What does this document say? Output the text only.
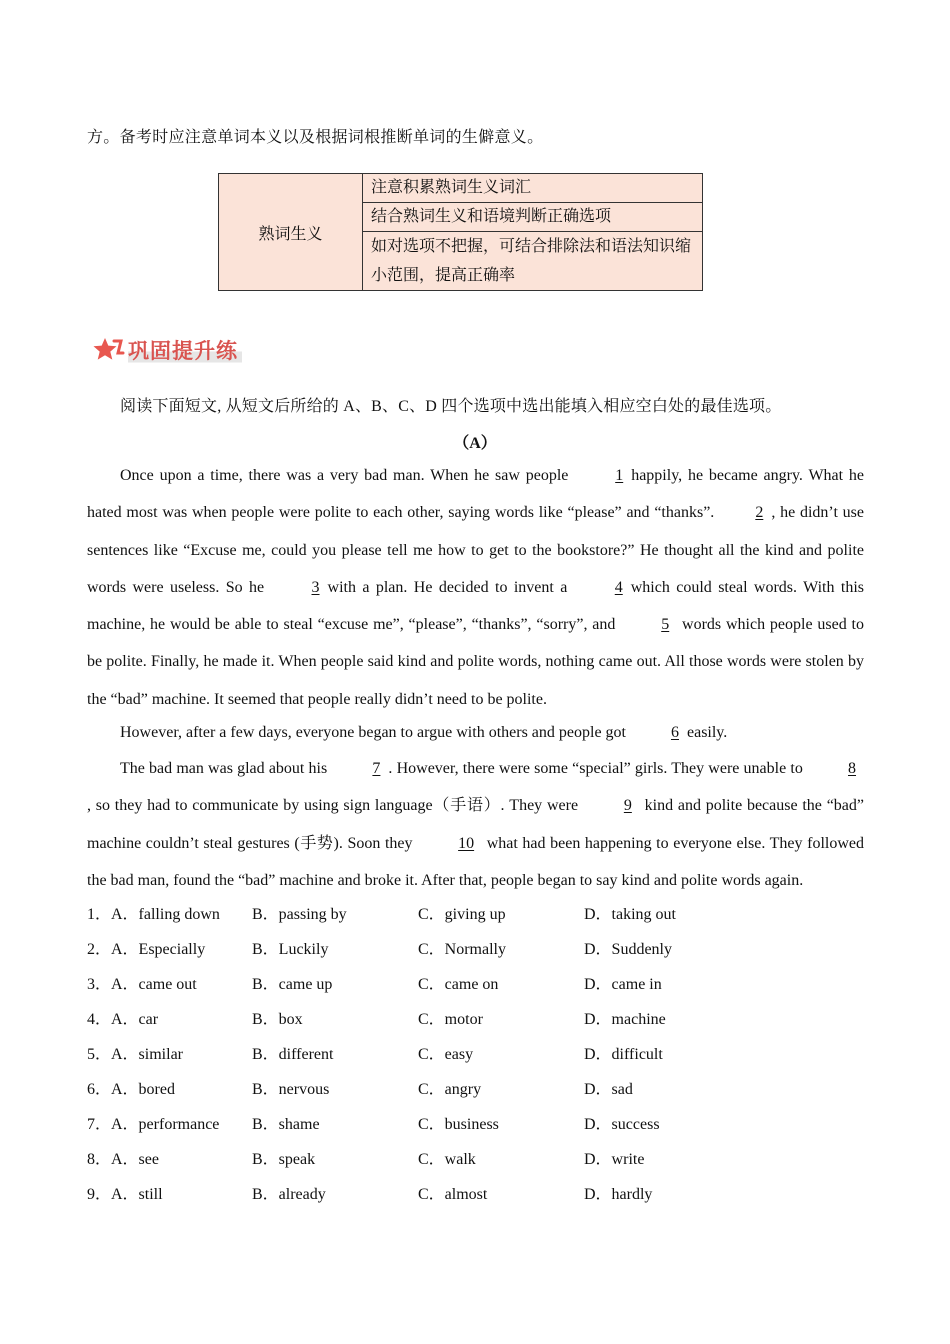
方。备考时应注意单词本义以及根据词根推断单词的生僻意义。
熟词生义	注意积累熟词生义词汇
结合熟词生义和语境判断正确选项
如对选项不把握，可结合排除法和语法知识缩小范围，提高正确率
巩固提升练
阅读下面短文, 从短文后所给的 A、B、C、D 四个选项中选出能填入相应空白处的最佳选项。
（A）

Once upon a time, there was a very bad man. When he saw people	1 happily, he became angry. What he hated most was when people were polite to each other, saying words like “please” and “thanks”.	2 , he didn’t use sentences like “Excuse me, could you please tell me how to get to the bookstore?” He thought all the kind and polite words were useless. So he	3 with a plan. He decided to invent a	4 which could steal words. With this machine, he would be able to steal “excuse me”, “please”, “thanks”, “sorry”, and	5 words which people used to be polite. Finally, he made it. When people said kind and polite words, nothing came out. All those words were stolen by the “bad” machine. It seemed that people really didn’t need to be polite.

However, after a few days, everyone began to argue with others and people got	6 easily.

The bad man was glad about his	7 . However, there were some “special” girls. They were unable to	8, so they had to communicate by using sign language（手语）. They were	9 kind and polite because the “bad” machine couldn’t steal gestures (手势). Soon they	10 what had been happening to everyone else. They followed the bad man, found the “bad” machine and broke it. After that, people began to say kind and polite words again.

1． A．falling down B．passing by	C．giving up	D．taking out
2． A．Especially	B．Luckily	C．Normally	D．Suddenly
3． A．came out	B．came up	C．came on	D．came in
4． A．car	B．box	C．motor	D．machine
5． A．similar	B．different	C．easy	D．difficult
6． A．bored	B．nervous	C．angry	D．sad
7． A．performance B．shame	C．business	D．success
8． A．see	B．speak	C．walk	D．write
9． A．still	B．already	C．almost	D．hardly
